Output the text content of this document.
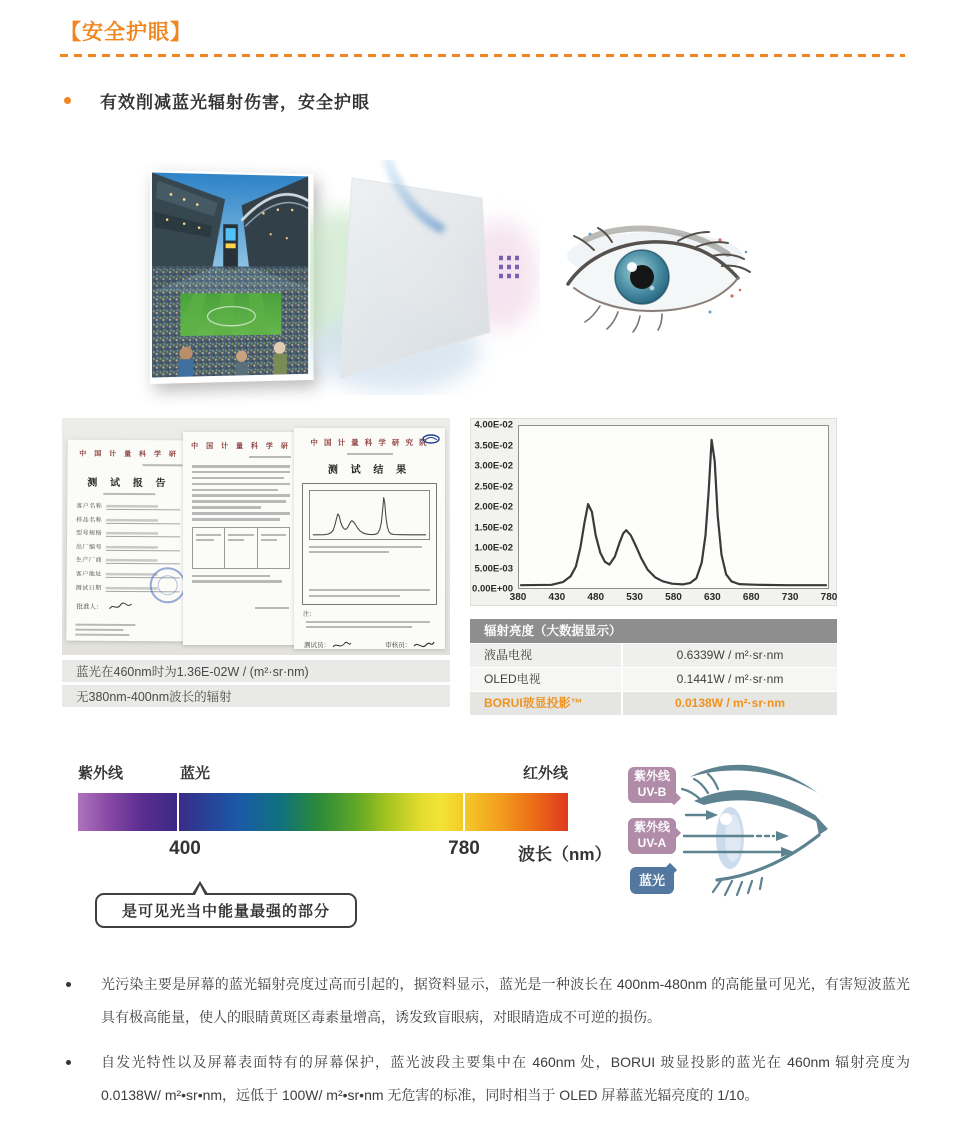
【安全护眼】
有效削减蓝光辐射伤害，安全护眼
中 国 计 量 科 学 研
测 试 报 告
客户名称
样品名称
型号规格
出厂编号
生产厂商
客户地址
测试日期
批准人：
中 国 计 量 科 学 研	中 国 计 量 科 学 研 究 院
测 试 结 果
注：
测试员：	审核员：
蓝光在460nm时为1.36E-02W / (m²·sr·nm)
无380nm-400nm波长的辐射
4.00E-02
3.50E-02
3.00E-02
2.50E-02
2.00E-02
1.50E-02
1.00E-02
5.00E-03
0.00E+00
380 430 480 530 580 630 680 730 780
辐射亮度（大数据显示）
液晶电视	0.6339W / m²·sr·nm
OLED电视	0.1441W / m²·sr·nm
BORUI玻显投影™	0.0138W / m²·sr·nm
紫外线	蓝光	红外线
400	780 波长（nm）
是可见光当中能量最强的部分
紫外线
UV-B
紫外线
UV-A
蓝光

光污染主要是屏幕的蓝光辐射亮度过高而引起的，据资料显示，蓝光是一种波长在 400nm-480nm 的高能量可见光，有害短波蓝光具有极高能量，使人的眼睛黄斑区毒素量增高，诱发致盲眼病，对眼睛造成不可逆的损伤。

自发光特性以及屏幕表面特有的屏幕保护，蓝光波段主要集中在 460nm 处，BORUI 玻显投影的蓝光在 460nm 辐射亮度为 0.0138W/ m²•sr•nm，远低于 100W/ m²•sr•nm 无危害的标准，同时相当于 OLED 屏幕蓝光辐亮度的 1/10。
